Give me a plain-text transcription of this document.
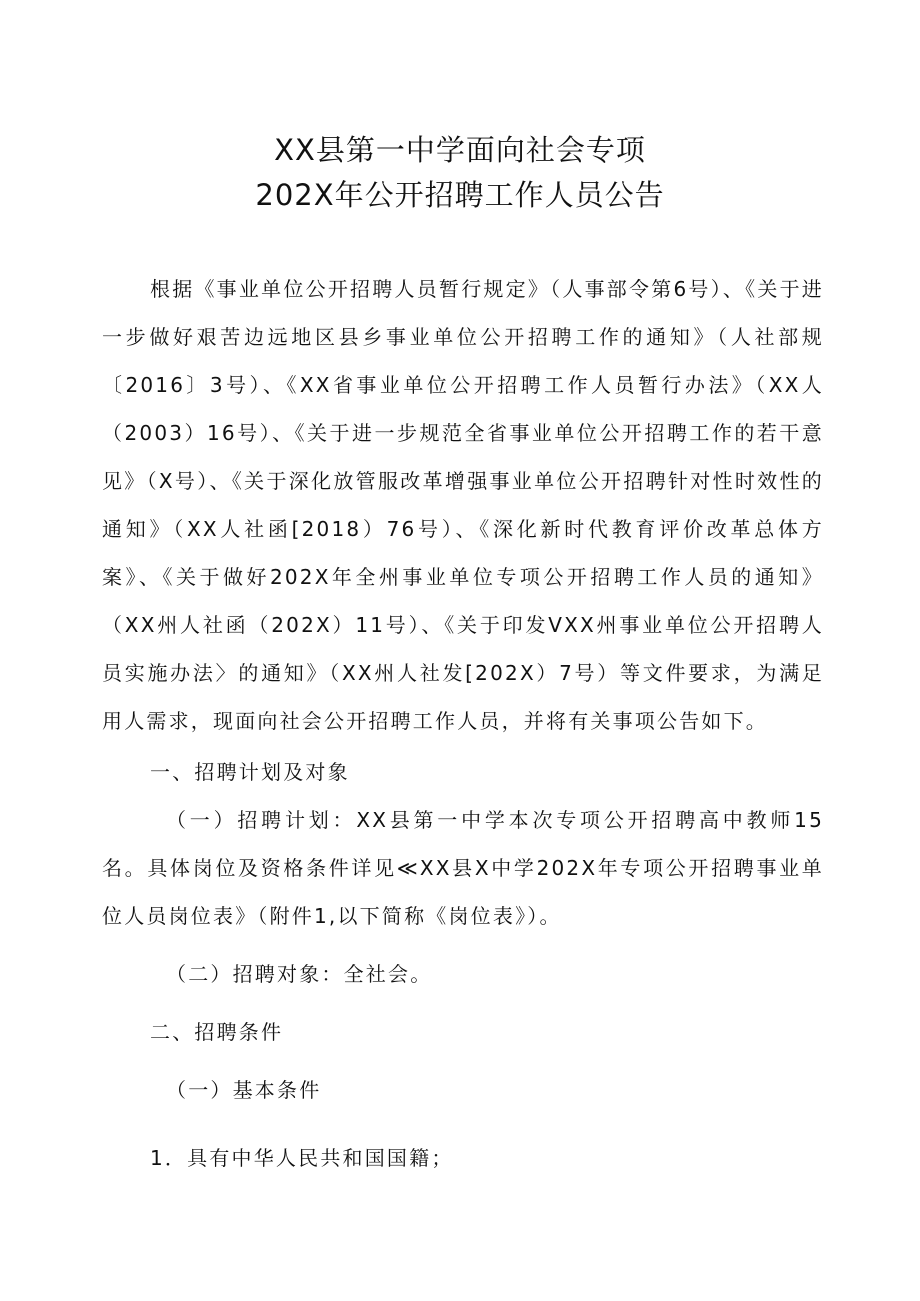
XX县第一中学面向社会专项
202X年公开招聘工作人员公告

根据《事业单位公开招聘人员暂行规定》（人事部令第6号）、《关于进一步做好艰苦边远地区县乡事业单位公开招聘工作的通知》（人社部规〔2016〕3号）、《XX省事业单位公开招聘工作人员暂行办法》（XX人（2003）16号）、《关于进一步规范全省事业单位公开招聘工作的若干意见》（X号）、《关于深化放管服改革增强事业单位公开招聘针对性时效性的通知》（XX人社函[2018）76号）、《深化新时代教育评价改革总体方案》、《关于做好202X年全州事业单位专项公开招聘工作人员的通知》（XX州人社函（202X）11号）、《关于印发VXX州事业单位公开招聘人员实施办法〉的通知》（XX州人社发[202X）7号）等文件要求，为满足用人需求，现面向社会公开招聘工作人员，并将有关事项公告如下。

一、招聘计划及对象

（一）招聘计划：XX县第一中学本次专项公开招聘高中教师15名。具体岗位及资格条件详见≪XX县X中学202X年专项公开招聘事业单位人员岗位表》（附件1,以下简称《岗位表》）。

（二）招聘对象：全社会。

二、招聘条件

（一）基本条件

1．具有中华人民共和国国籍；
